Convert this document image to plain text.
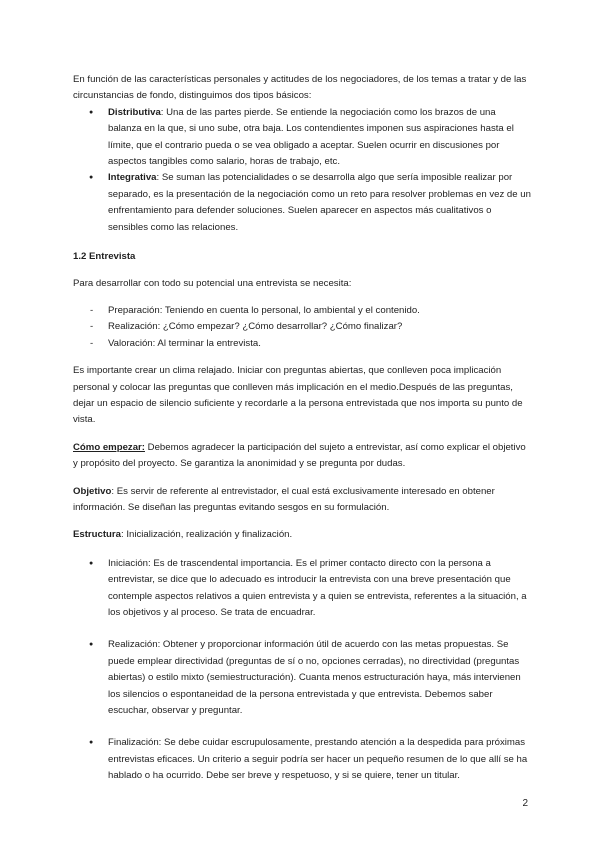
En función de las características personales y actitudes de los negociadores, de los temas a tratar y de las circunstancias de fondo, distinguimos dos tipos básicos:

● Distributiva: Una de las partes pierde. Se entiende la negociación como los brazos de una balanza en la que, si uno sube, otra baja. Los contendientes imponen sus aspiraciones hasta el límite, que el contrario pueda o se vea obligado a aceptar. Suelen ocurrir en discusiones por aspectos tangibles como salario, horas de trabajo, etc.
● Integrativa: Se suman las potencialidades o se desarrolla algo que sería imposible realizar por separado, es la presentación de la negociación como un reto para resolver problemas en vez de un enfrentamiento para defender soluciones. Suelen aparecer en aspectos más cualitativos o sensibles como las relaciones.

1.2 Entrevista

Para desarrollar con todo su potencial una entrevista se necesita:

- Preparación: Teniendo en cuenta lo personal, lo ambiental y el contenido.
- Realización: ¿Cómo empezar? ¿Cómo desarrollar? ¿Cómo finalizar?
- Valoración: Al terminar la entrevista.

Es importante crear un clima relajado. Iniciar con preguntas abiertas, que conlleven poca implicación personal y colocar las preguntas que conlleven más implicación en el medio.Después de las preguntas, dejar un espacio de silencio suficiente y recordarle a la persona entrevistada que nos importa su punto de vista.

Cómo empezar: Debemos agradecer la participación del sujeto a entrevistar, así como explicar el objetivo y propósito del proyecto. Se garantiza la anonimidad y se pregunta por dudas.

Objetivo: Es servir de referente al entrevistador, el cual está exclusivamente interesado en obtener información. Se diseñan las preguntas evitando sesgos en su formulación.

Estructura: Inicialización, realización y finalización.

● Iniciación: Es de trascendental importancia. Es el primer contacto directo con la persona a entrevistar, se dice que lo adecuado es introducir la entrevista con una breve presentación que contemple aspectos relativos a quien entrevista y a quien se entrevista, referentes a la situación, a los objetivos y al proceso. Se trata de encuadrar.
● Realización: Obtener y proporcionar información útil de acuerdo con las metas propuestas. Se puede emplear directividad (preguntas de sí o no, opciones cerradas), no directividad (preguntas abiertas) o estilo mixto (semiestructuración). Cuanta menos estructuración haya, más intervienen los silencios o espontaneidad de la persona entrevistada y que entrevista. Debemos saber escuchar, observar y preguntar.
● Finalización: Se debe cuidar escrupulosamente, prestando atención a la despedida para próximas entrevistas eficaces. Un criterio a seguir podría ser hacer un pequeño resumen de lo que allí se ha hablado o ha ocurrido. Debe ser breve y respetuoso, y si se quiere, tener un titular.
2
